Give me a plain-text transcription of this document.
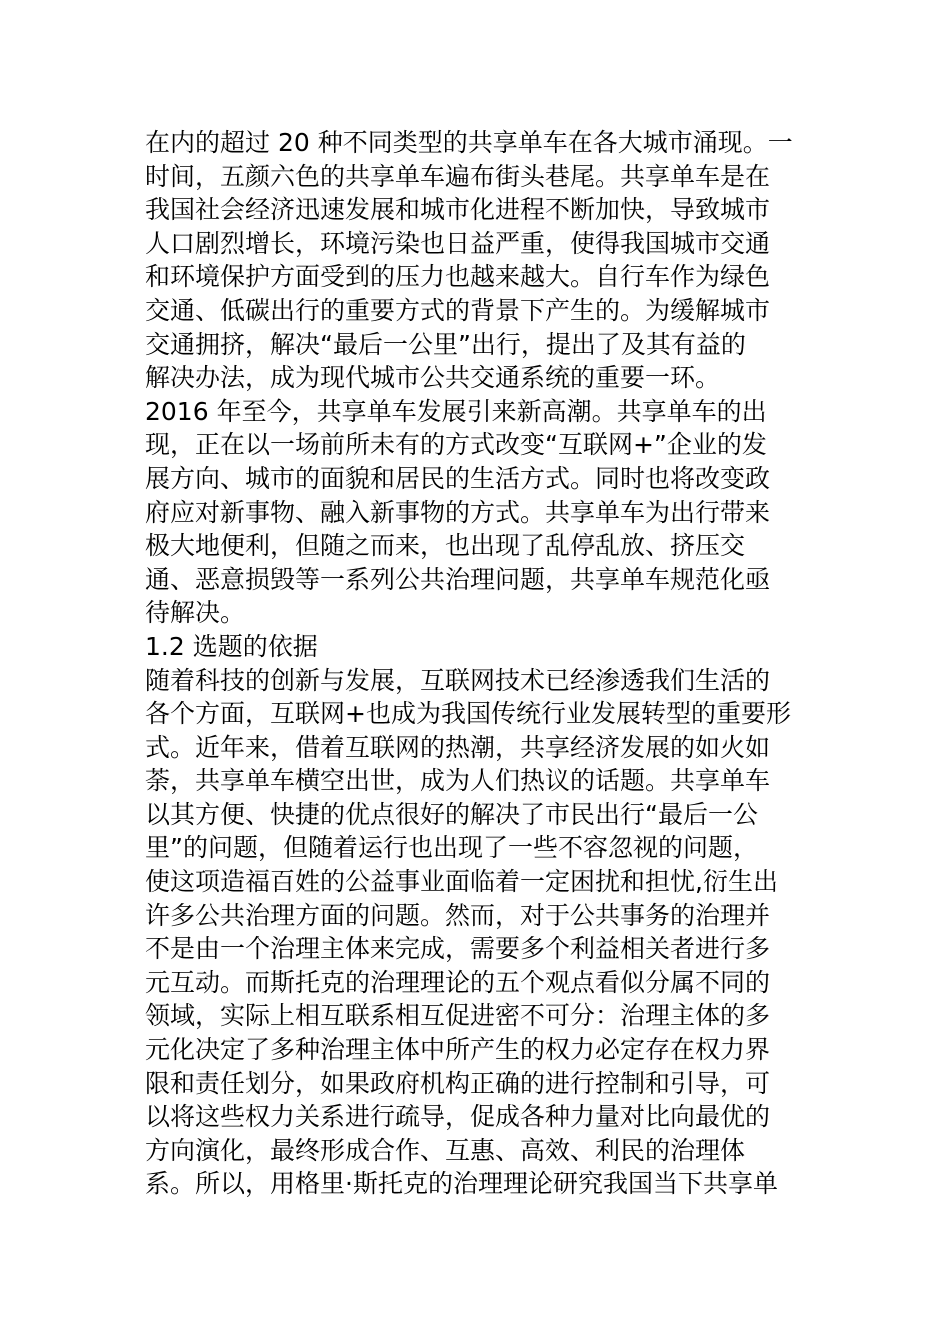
在内的超过 20 种不同类型的共享单车在各大城市涌现。一
时间，五颜六色的共享单车遍布街头巷尾。共享单车是在
我国社会经济迅速发展和城市化进程不断加快，导致城市
人口剧烈增长，环境污染也日益严重，使得我国城市交通
和环境保护方面受到的压力也越来越大。自行车作为绿色
交通、低碳出行的重要方式的背景下产生的。为缓解城市
交通拥挤，解决“最后一公里”出行，提出了及其有益的
解决办法，成为现代城市公共交通系统的重要一环。
2016 年至今，共享单车发展引来新高潮。共享单车的出
现，正在以一场前所未有的方式改变“互联网+”企业的发
展方向、城市的面貌和居民的生活方式。同时也将改变政
府应对新事物、融入新事物的方式。共享单车为出行带来
极大地便利，但随之而来，也出现了乱停乱放、挤压交
通、恶意损毁等一系列公共治理问题，共享单车规范化亟
待解决。
1.2 选题的依据
随着科技的创新与发展，互联网技术已经渗透我们生活的
各个方面，互联网+也成为我国传统行业发展转型的重要形
式。近年来，借着互联网的热潮，共享经济发展的如火如
荼，共享单车横空出世，成为人们热议的话题。共享单车
以其方便、快捷的优点很好的解决了市民出行“最后一公
里”的问题，但随着运行也出现了一些不容忽视的问题，
使这项造福百姓的公益事业面临着一定困扰和担忧,衍生出
许多公共治理方面的问题。然而，对于公共事务的治理并
不是由一个治理主体来完成，需要多个利益相关者进行多
元互动。而斯托克的治理理论的五个观点看似分属不同的
领域，实际上相互联系相互促进密不可分：治理主体的多
元化决定了多种治理主体中所产生的权力必定存在权力界
限和责任划分，如果政府机构正确的进行控制和引导，可
以将这些权力关系进行疏导，促成各种力量对比向最优的
方向演化，最终形成合作、互惠、高效、利民的治理体
系。所以，用格里·斯托克的治理理论研究我国当下共享单
